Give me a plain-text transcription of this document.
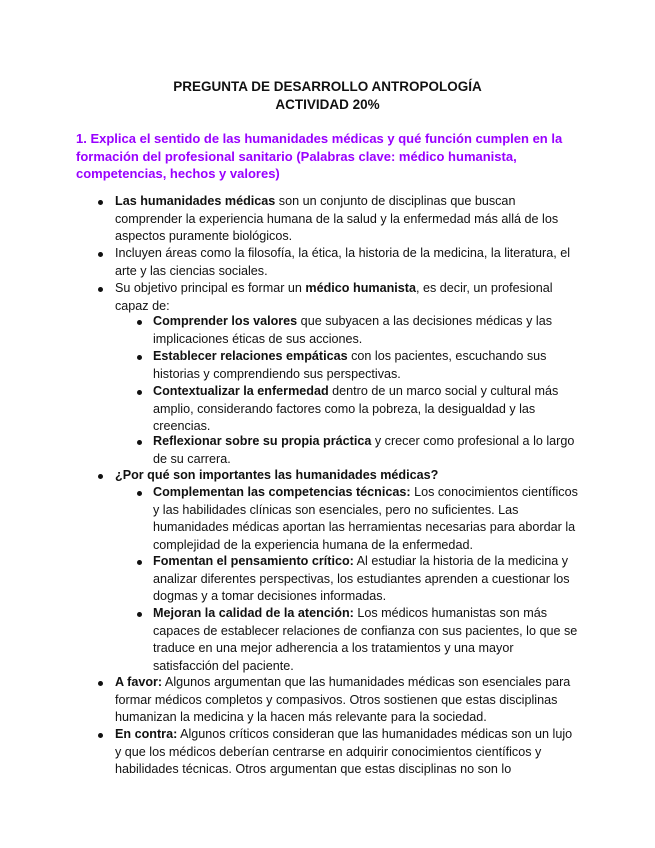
PREGUNTA DE DESARROLLO ANTROPOLOGÍA
ACTIVIDAD 20%
1. Explica el sentido de las humanidades médicas y qué función cumplen en la formación del profesional sanitario (Palabras clave: médico humanista, competencias, hechos y valores)
Las humanidades médicas son un conjunto de disciplinas que buscan comprender la experiencia humana de la salud y la enfermedad más allá de los aspectos puramente biológicos.
Incluyen áreas como la filosofía, la ética, la historia de la medicina, la literatura, el arte y las ciencias sociales.
Su objetivo principal es formar un médico humanista, es decir, un profesional capaz de:
Comprender los valores que subyacen a las decisiones médicas y las implicaciones éticas de sus acciones.
Establecer relaciones empáticas con los pacientes, escuchando sus historias y comprendiendo sus perspectivas.
Contextualizar la enfermedad dentro de un marco social y cultural más amplio, considerando factores como la pobreza, la desigualdad y las creencias.
Reflexionar sobre su propia práctica y crecer como profesional a lo largo de su carrera.
¿Por qué son importantes las humanidades médicas?
Complementan las competencias técnicas: Los conocimientos científicos y las habilidades clínicas son esenciales, pero no suficientes. Las humanidades médicas aportan las herramientas necesarias para abordar la complejidad de la experiencia humana de la enfermedad.
Fomentan el pensamiento crítico: Al estudiar la historia de la medicina y analizar diferentes perspectivas, los estudiantes aprenden a cuestionar los dogmas y a tomar decisiones informadas.
Mejoran la calidad de la atención: Los médicos humanistas son más capaces de establecer relaciones de confianza con sus pacientes, lo que se traduce en una mejor adherencia a los tratamientos y una mayor satisfacción del paciente.
A favor: Algunos argumentan que las humanidades médicas son esenciales para formar médicos completos y compasivos. Otros sostienen que estas disciplinas humanizan la medicina y la hacen más relevante para la sociedad.
En contra: Algunos críticos consideran que las humanidades médicas son un lujo y que los médicos deberían centrarse en adquirir conocimientos científicos y habilidades técnicas. Otros argumentan que estas disciplinas no son lo
